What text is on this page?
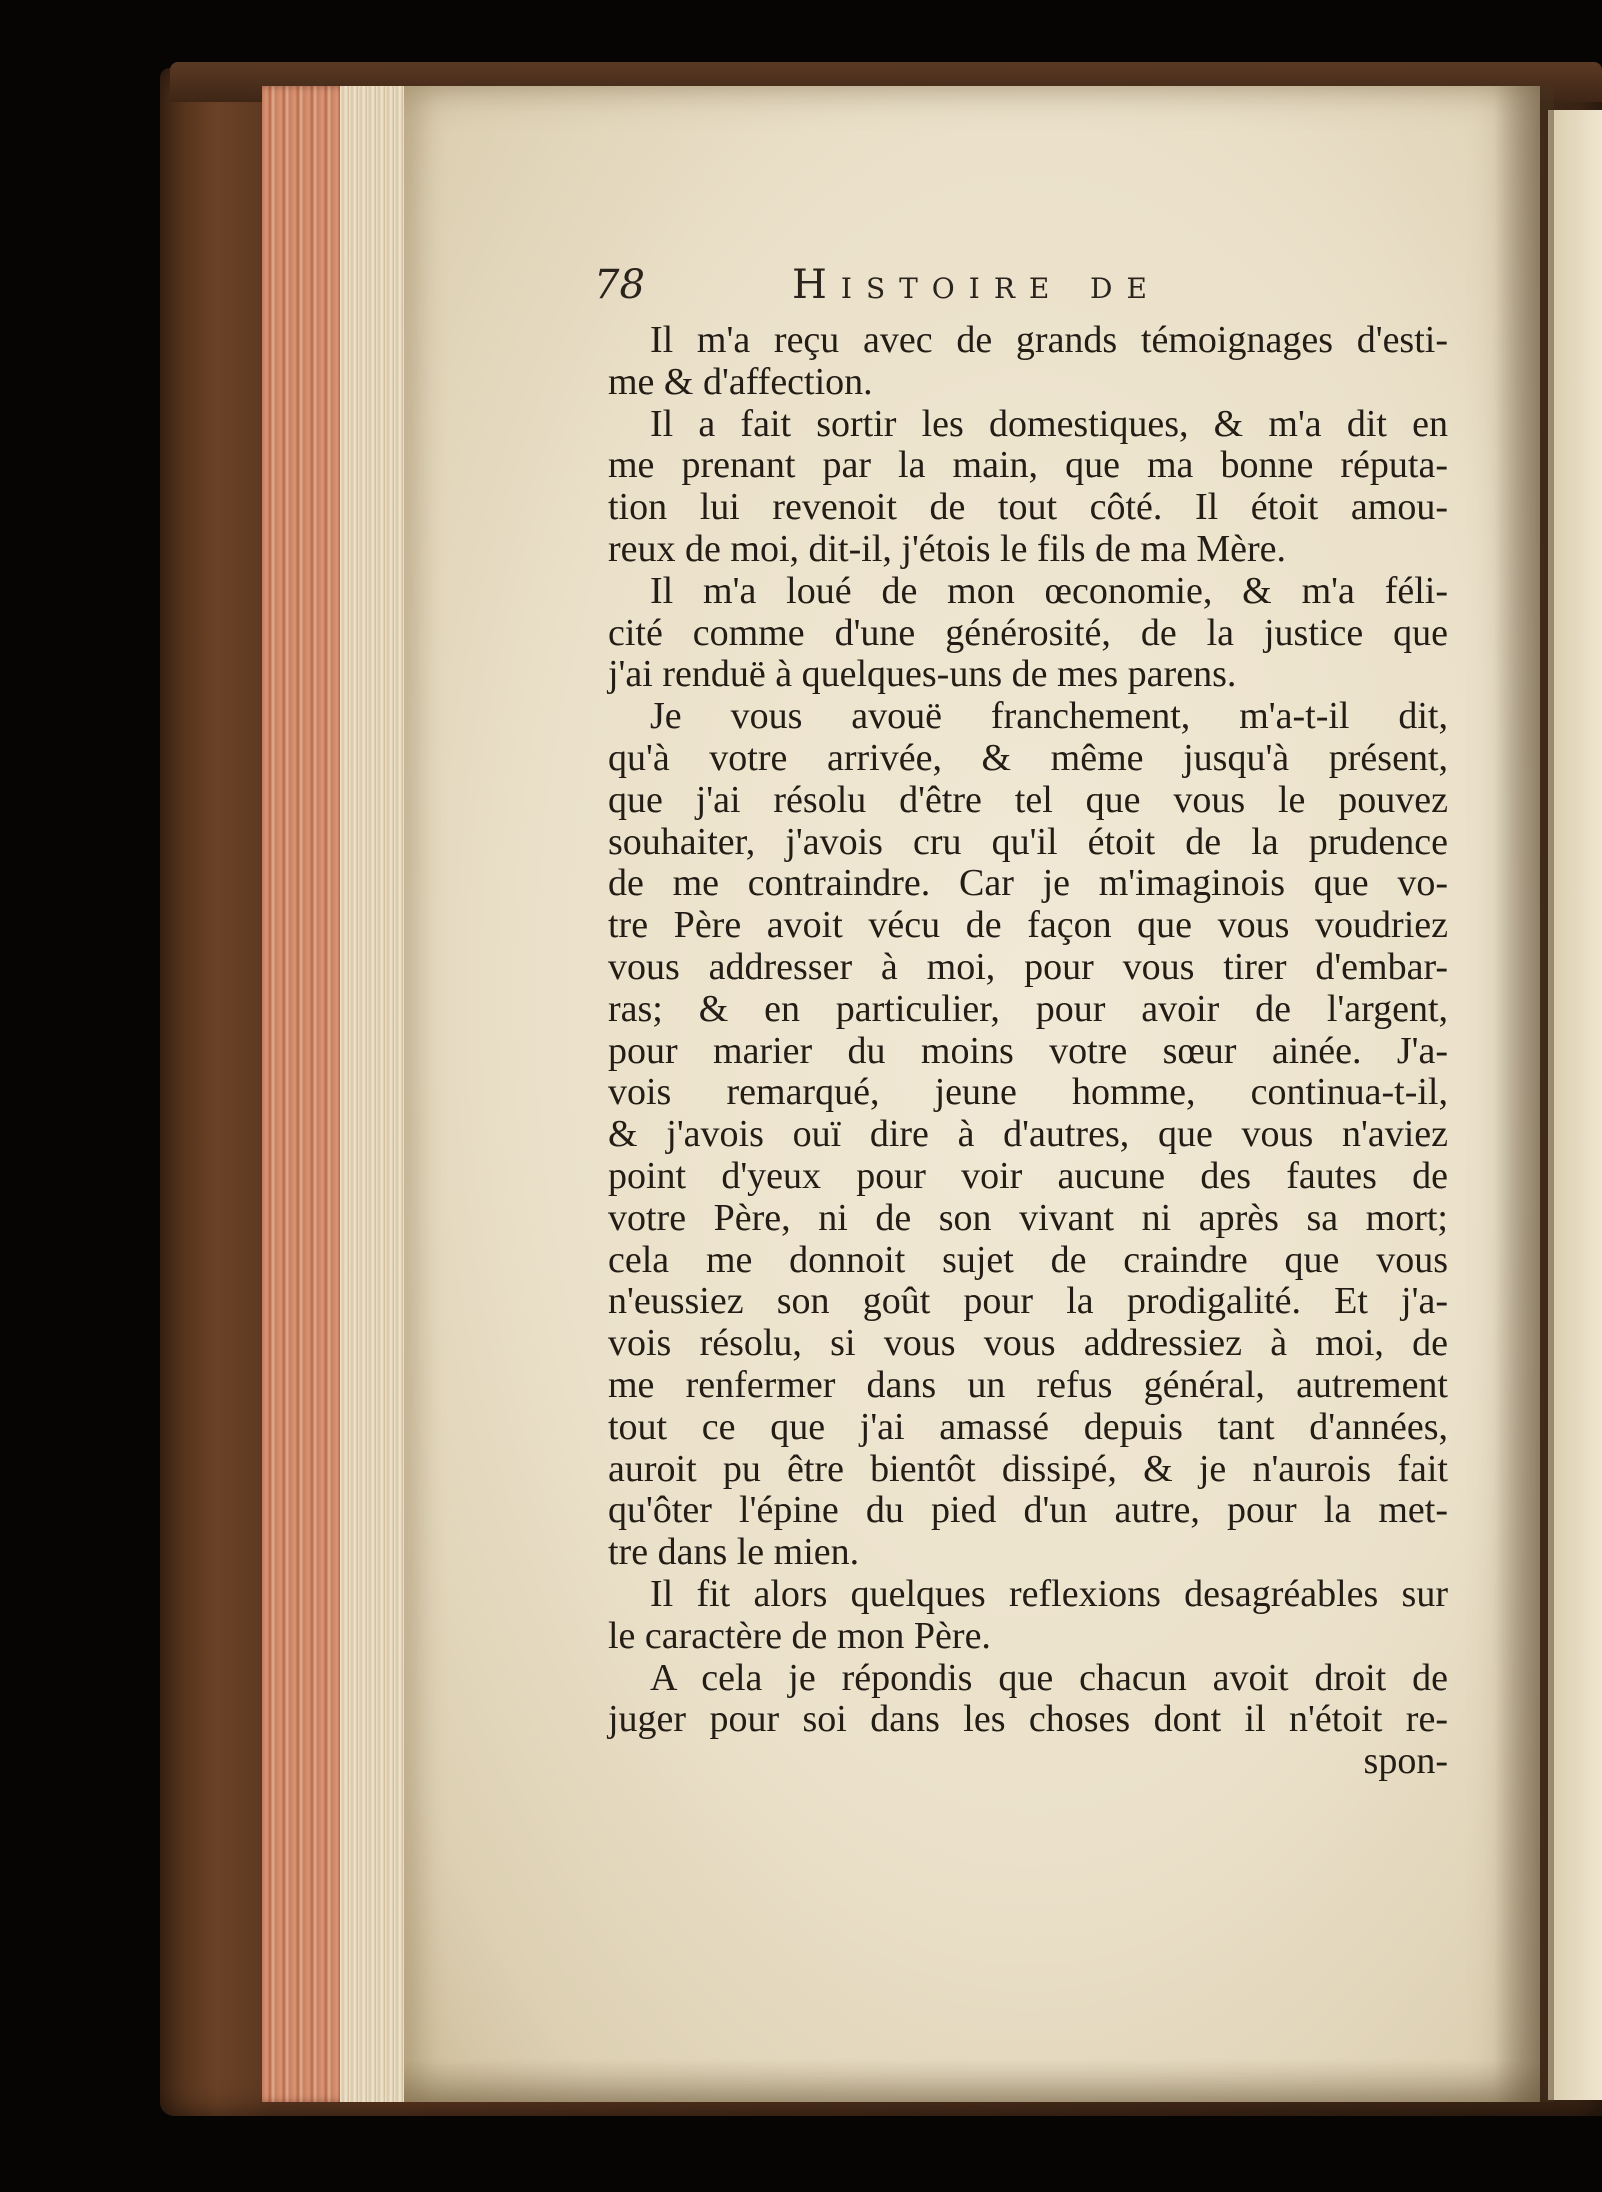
78	Histoire de
Il m'a reçu avec de grands témoignages d'esti-
me & d'affection.
Il a fait sortir les domestiques, & m'a dit en
me prenant par la main, que ma bonne réputa-
tion lui revenoit de tout côté. Il étoit amou-
reux de moi, dit-il, j'étois le fils de ma Mère.
Il m'a loué de mon œconomie, & m'a féli-
cité comme d'une générosité, de la justice que
j'ai renduë à quelques-uns de mes parens.
Je vous avouë franchement, m'a-t-il dit,
qu'à votre arrivée, & même jusqu'à présent,
que j'ai résolu d'être tel que vous le pouvez
souhaiter, j'avois cru qu'il étoit de la prudence
de me contraindre. Car je m'imaginois que vo-
tre Père avoit vécu de façon que vous voudriez
vous addresser à moi, pour vous tirer d'embar-
ras; & en particulier, pour avoir de l'argent,
pour marier du moins votre sœur ainée. J'a-
vois remarqué, jeune homme, continua-t-il,
& j'avois ouï dire à d'autres, que vous n'aviez
point d'yeux pour voir aucune des fautes de
votre Père, ni de son vivant ni après sa mort;
cela me donnoit sujet de craindre que vous
n'eussiez son goût pour la prodigalité. Et j'a-
vois résolu, si vous vous addressiez à moi, de
me renfermer dans un refus général, autrement
tout ce que j'ai amassé depuis tant d'années,
auroit pu être bientôt dissipé, & je n'aurois fait
qu'ôter l'épine du pied d'un autre, pour la met-
tre dans le mien.
Il fit alors quelques reflexions desagréables sur
le caractère de mon Père.
A cela je répondis que chacun avoit droit de
juger pour soi dans les choses dont il n'étoit re-
spon-
